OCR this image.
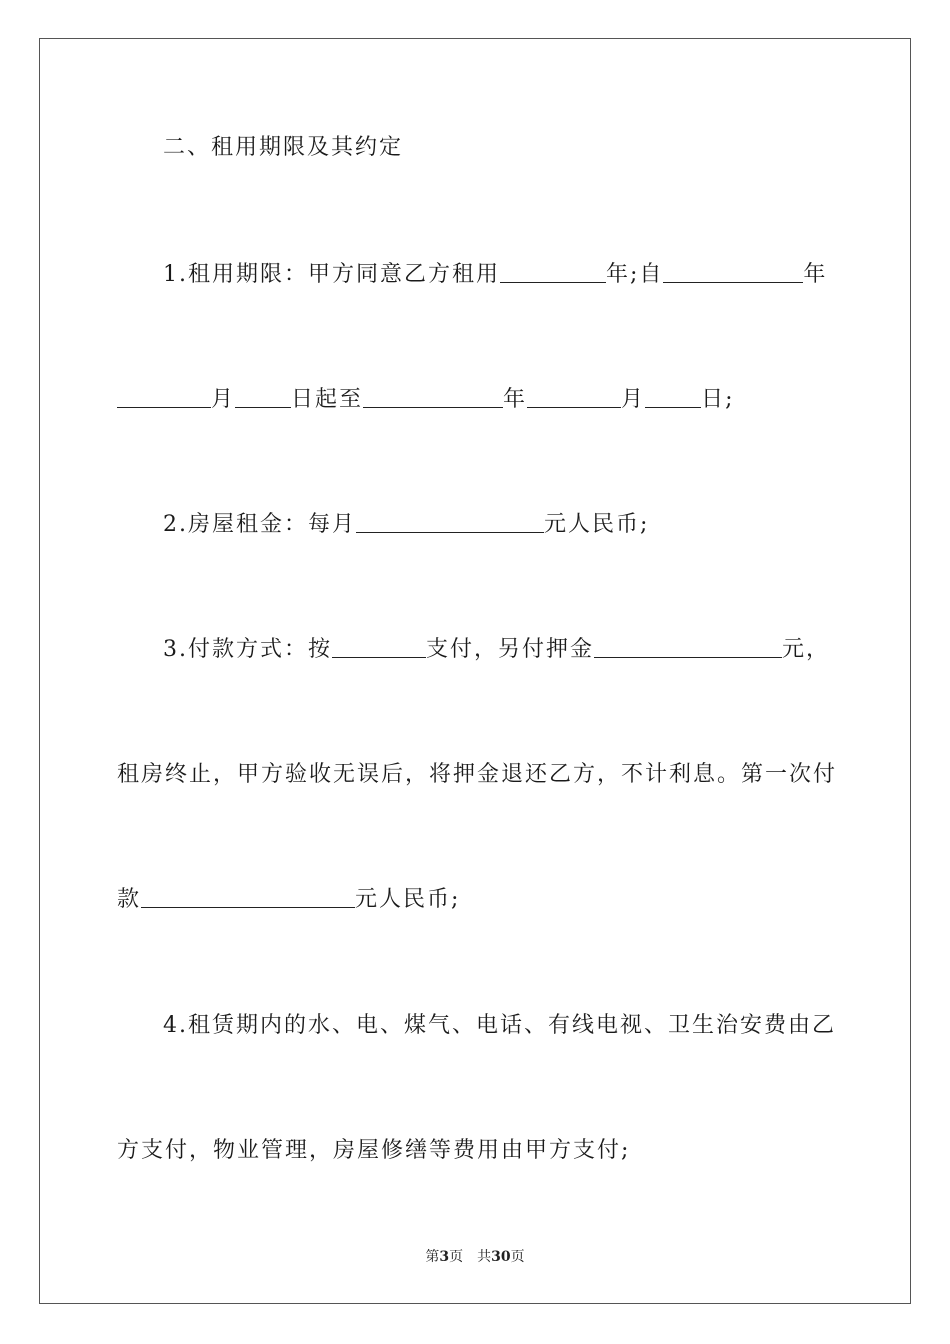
二、租用期限及其约定
1.租用期限：甲方同意乙方租用	年;自	年
月	日起至	年	月	日;
2.房屋租金：每月	元人民币;
3.付款方式：按	支付，另付押金	元，
租房终止，甲方验收无误后，将押金退还乙方，不计利息。第一次付
款	元人民币;
4.租赁期内的水、电、煤气、电话、有线电视、卫生治安费由乙
方支付，物业管理，房屋修缮等费用由甲方支付;
第3页　共30页
